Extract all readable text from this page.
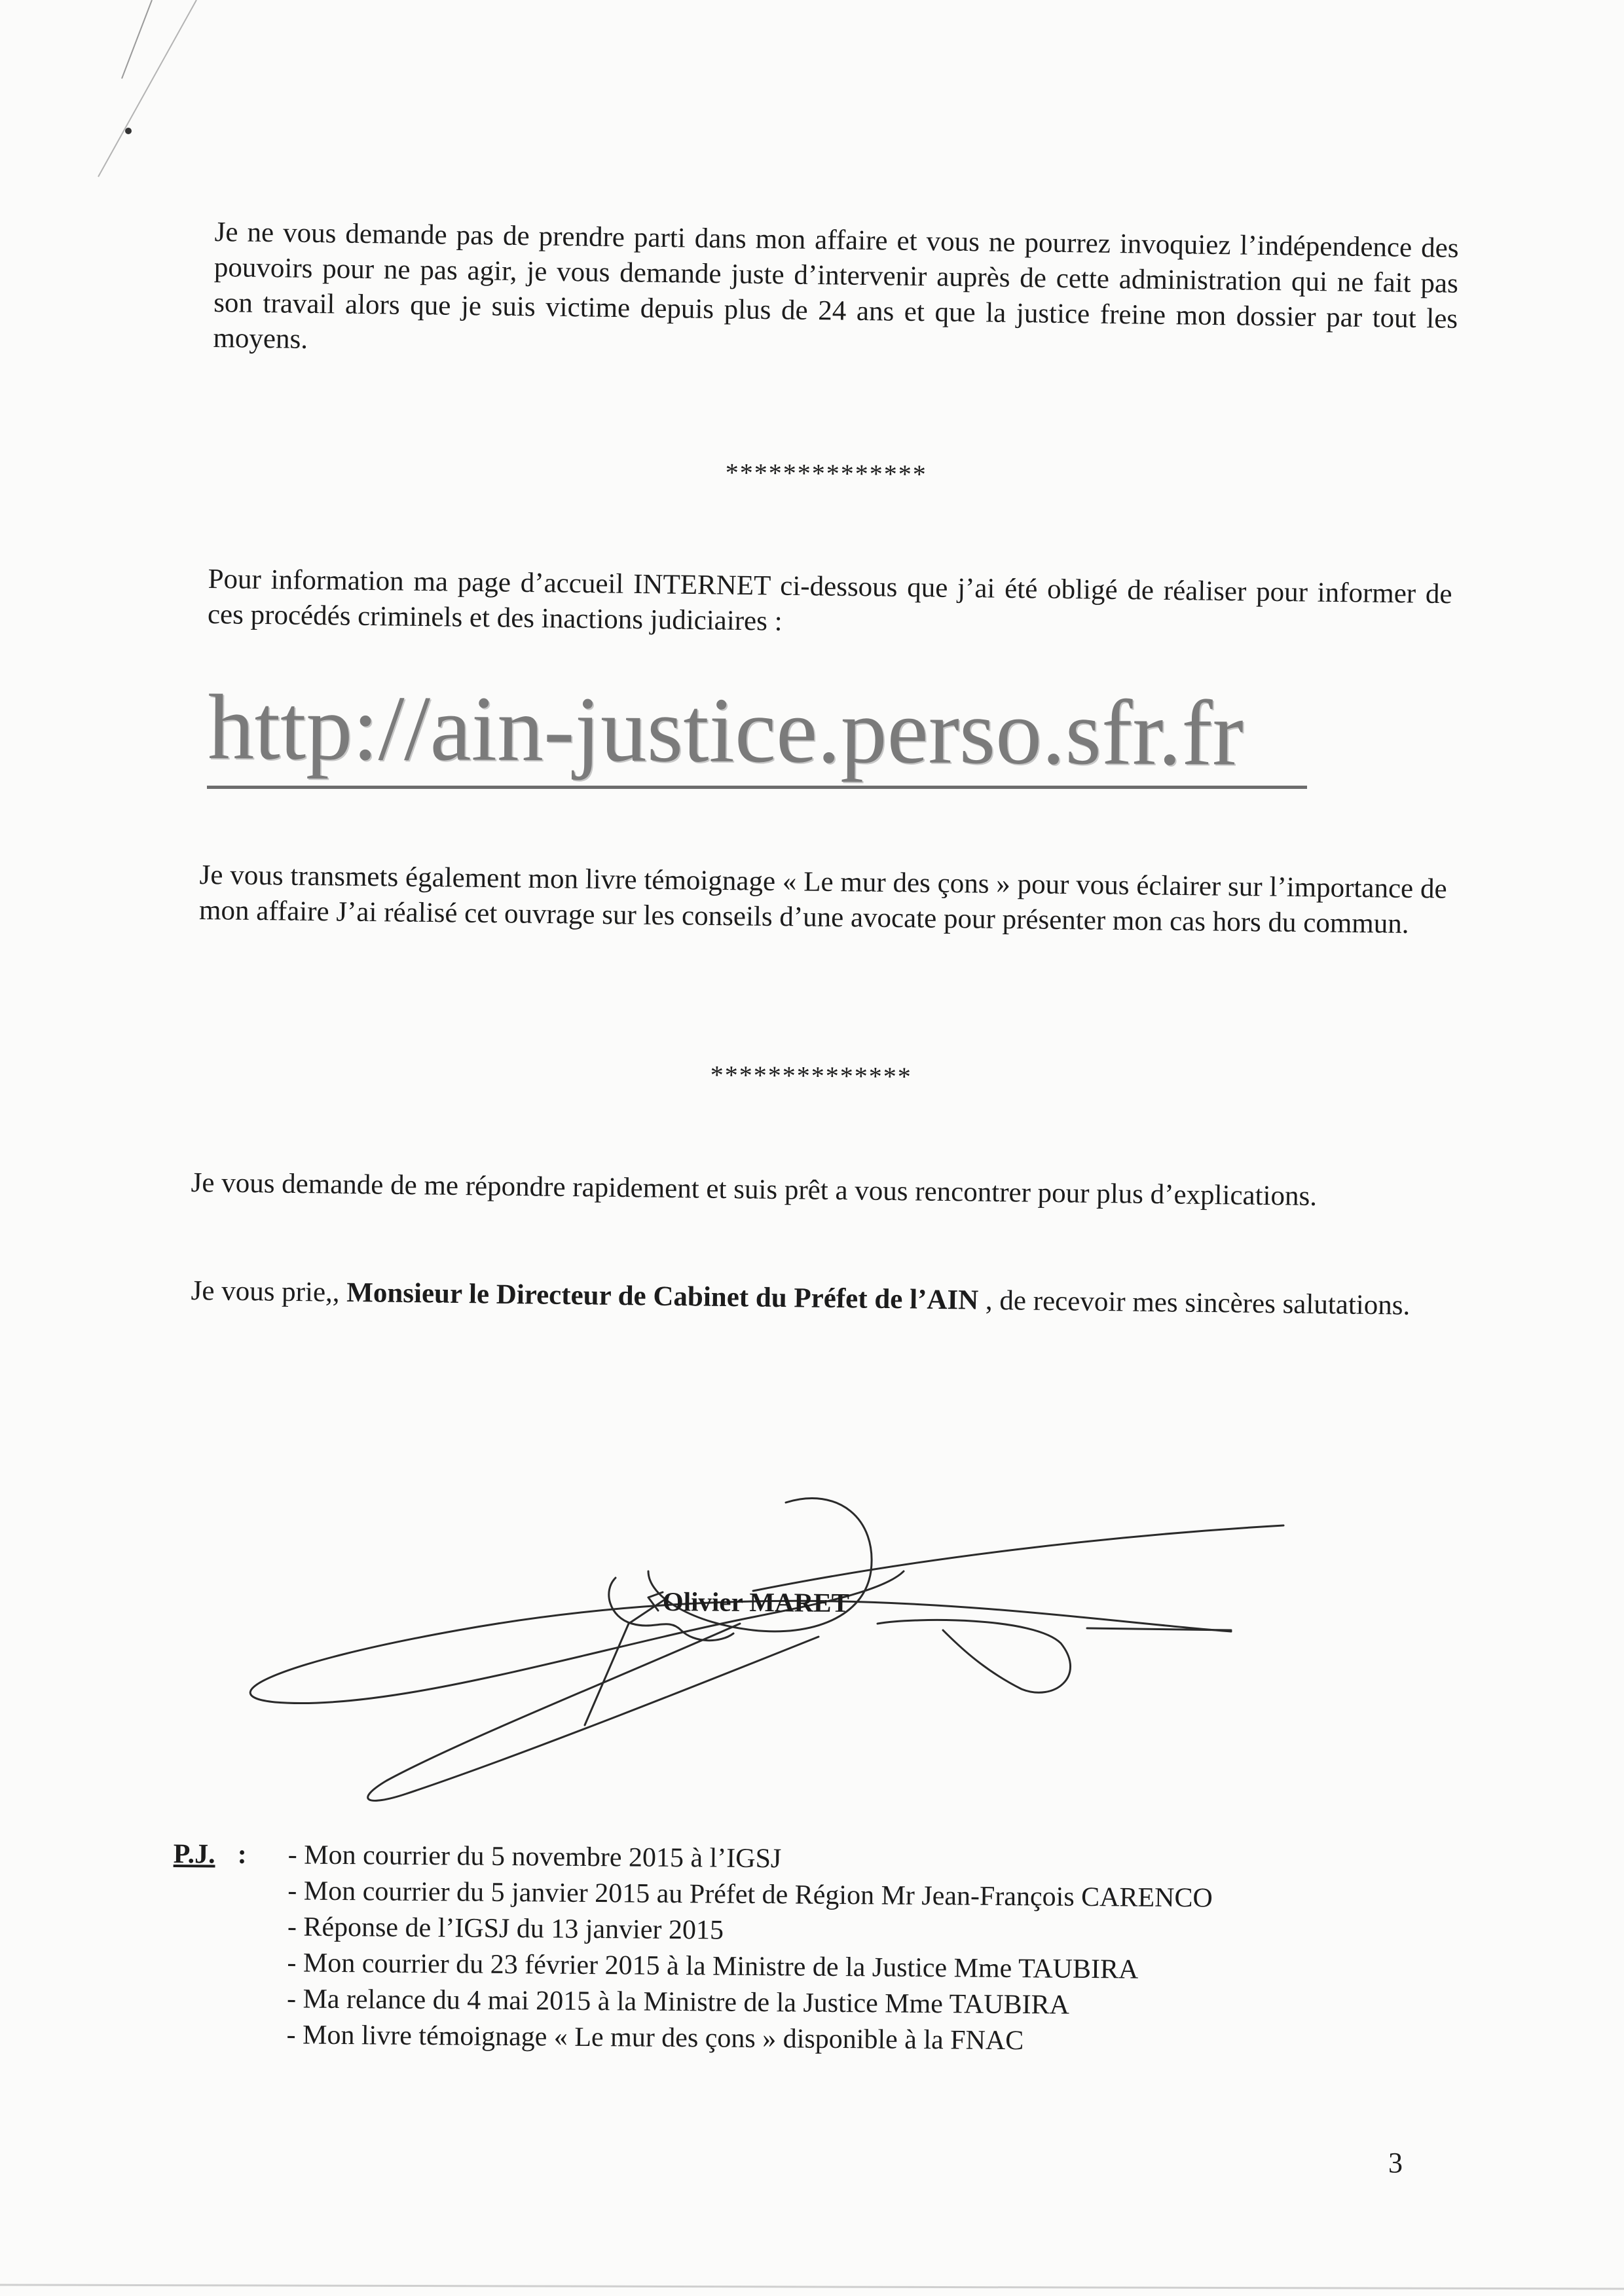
Je ne vous demande pas de prendre parti dans mon affaire et vous ne pourrez invoquiez l’indépendence des pouvoirs pour ne pas agir, je vous demande juste d’intervenir auprès de cette administration qui ne fait pas son travail alors que je suis victime depuis plus de 24 ans et que la justice freine mon dossier par tout les moyens.
**************
Pour information ma page d’accueil INTERNET ci-dessous que j’ai été obligé de réaliser pour informer de ces procédés criminels et des inactions judiciaires :
http://ain-justice.perso.sfr.fr
Je vous transmets également mon livre témoignage « Le mur des çons » pour vous éclairer sur l’importance de mon affaire J’ai réalisé cet ouvrage sur les conseils d’une avocate pour présenter mon cas hors du commun.
**************
Je vous demande de me répondre rapidement et suis prêt a vous rencontrer pour plus d’explications.
Je vous prie,, Monsieur le Directeur de Cabinet du Préfet de l’AIN , de recevoir mes sincères salutations.
Olivier MARET
P.J. : - Mon courrier du 5 novembre 2015 à l’IGSJ
- Mon courrier du 5 janvier 2015 au Préfet de Région Mr Jean-François CARENCO
- Réponse de l’IGSJ du 13 janvier 2015
- Mon courrier du 23 février 2015 à la Ministre de la Justice Mme TAUBIRA
- Ma relance du 4 mai 2015 à la Ministre de la Justice Mme TAUBIRA
- Mon livre témoignage « Le mur des çons » disponible à la FNAC
3
